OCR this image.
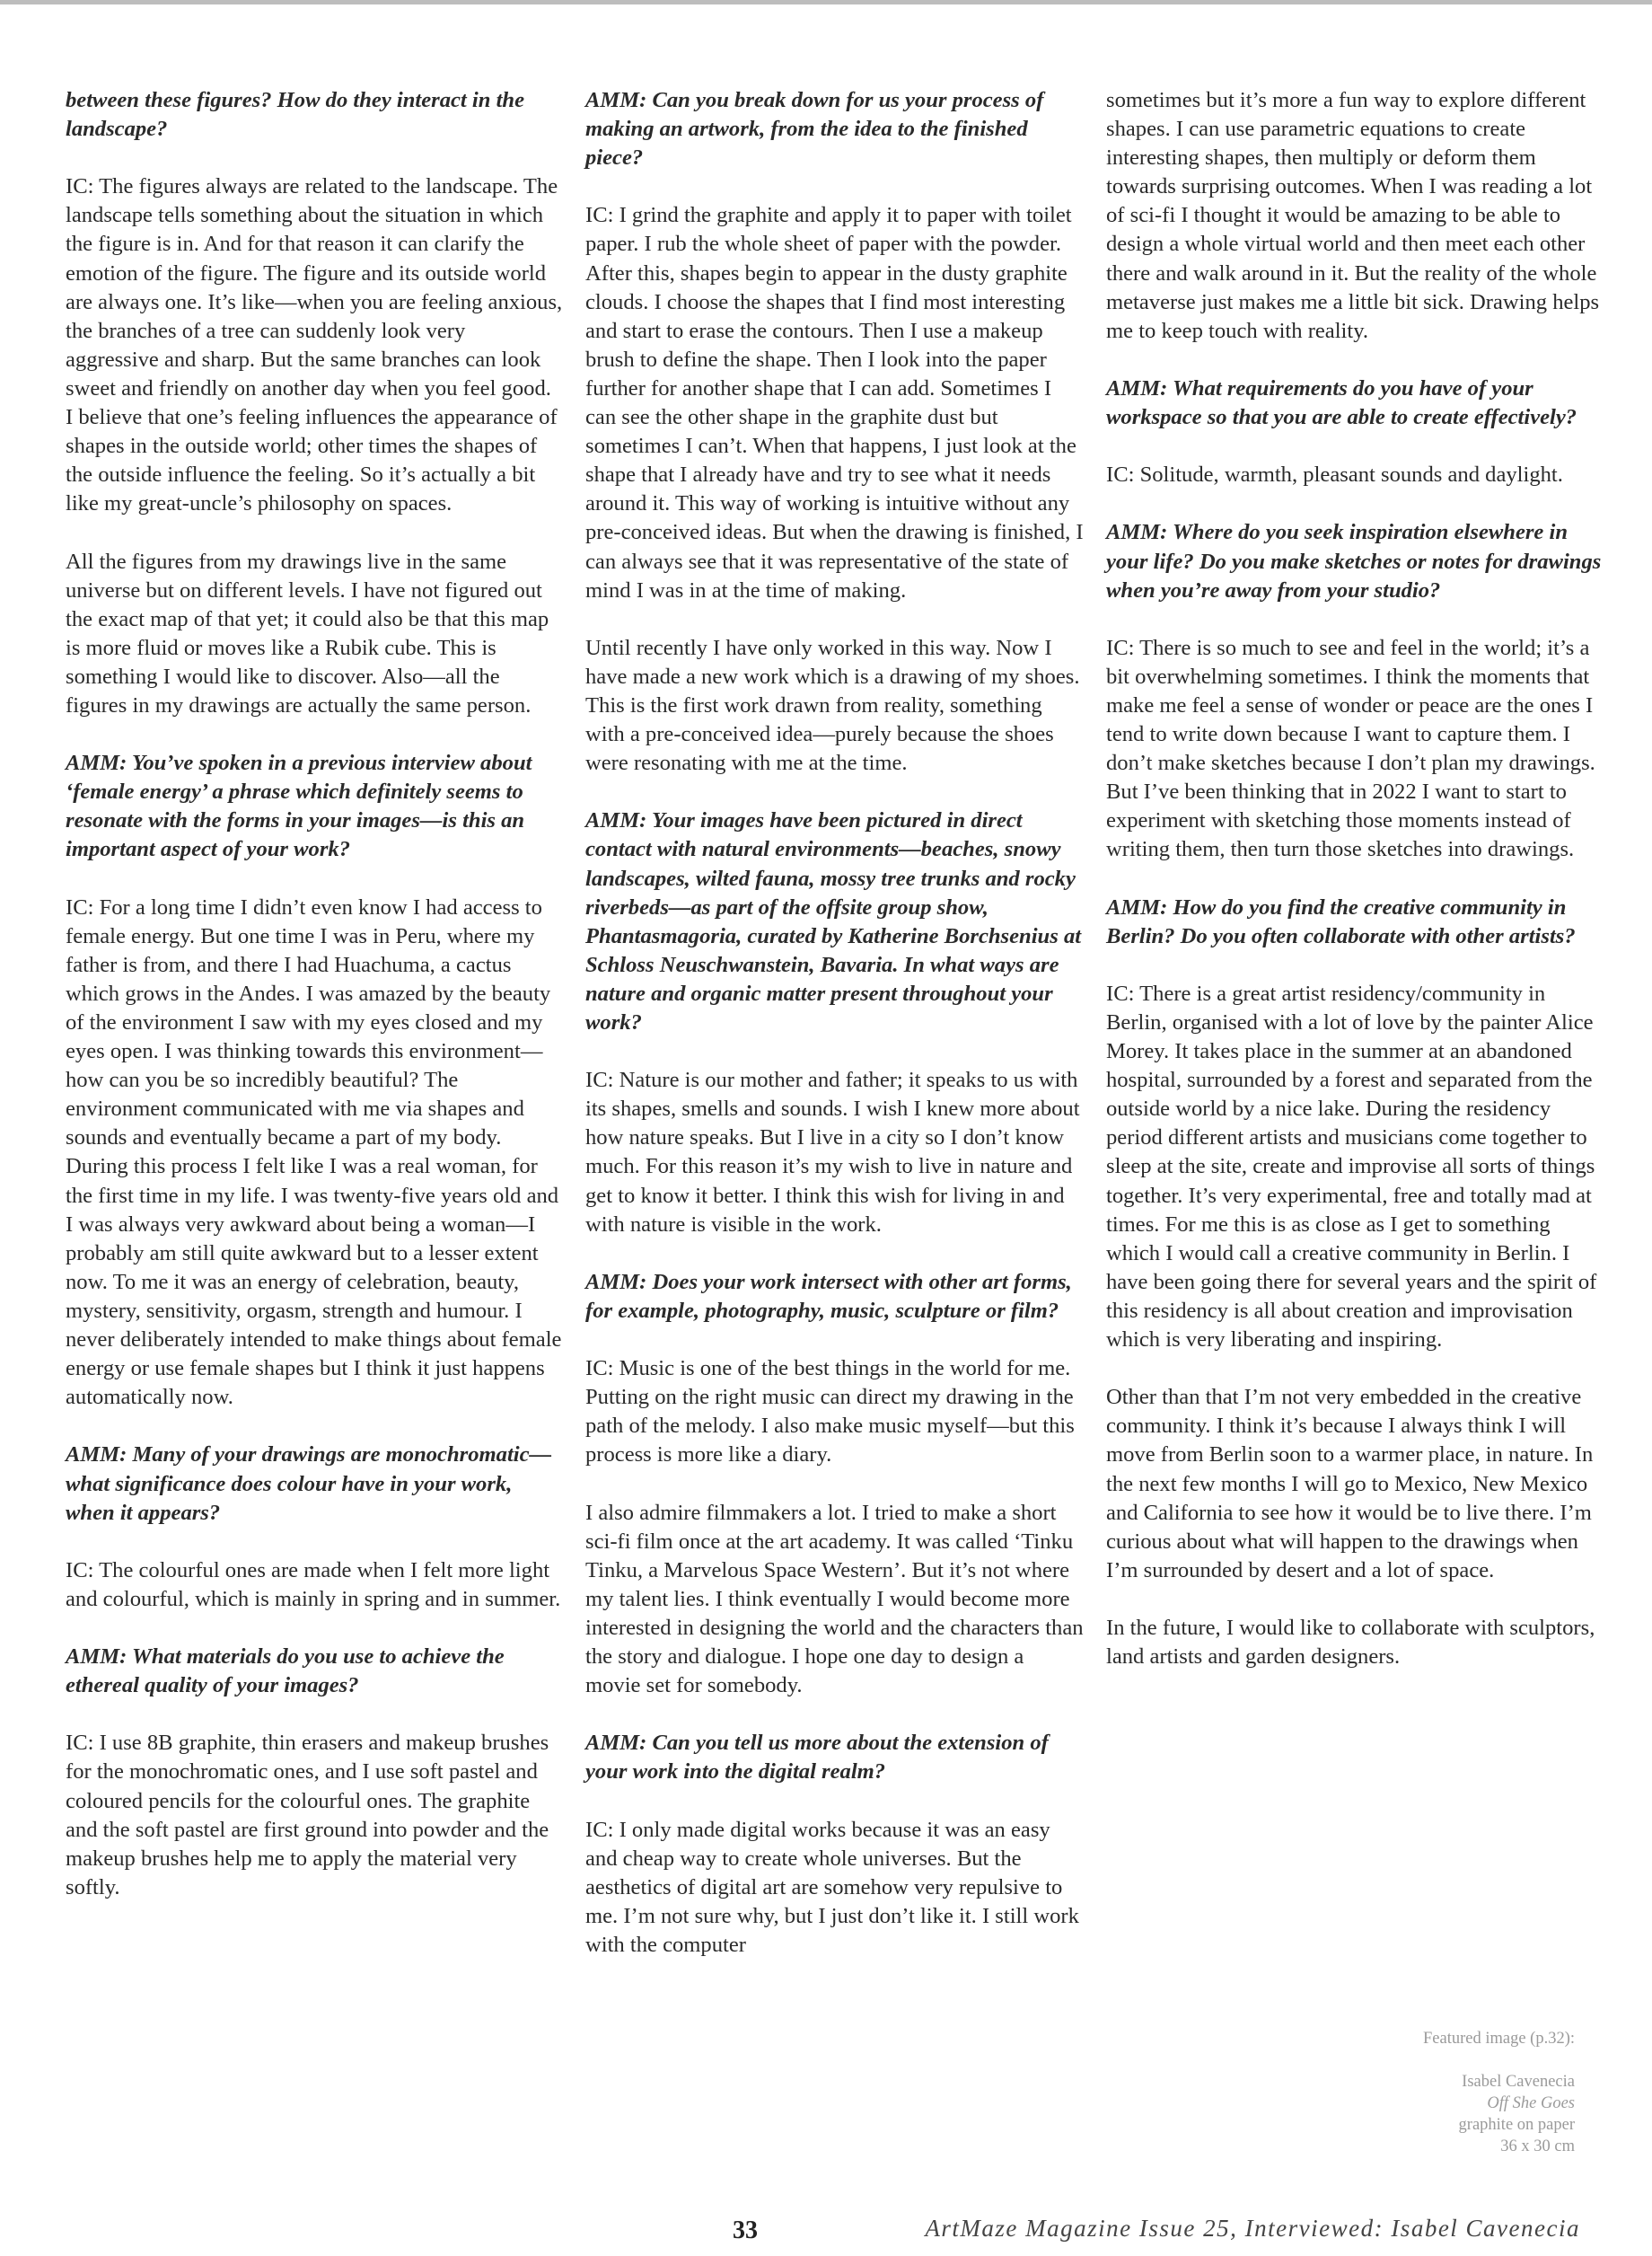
between these figures? How do they interact in the landscape?

IC: The figures always are related to the landscape. The landscape tells something about the situation in which the figure is in. And for that reason it can clarify the emotion of the figure. The figure and its outside world are always one. It’s like—when you are feeling anxious, the branches of a tree can suddenly look very aggressive and sharp. But the same branches can look sweet and friendly on another day when you feel good. I believe that one’s feeling influences the appearance of shapes in the outside world; other times the shapes of the outside influence the feeling. So it’s actually a bit like my great-uncle’s philosophy on spaces.

All the figures from my drawings live in the same universe but on different levels. I have not figured out the exact map of that yet; it could also be that this map is more fluid or moves like a Rubik cube. This is something I would like to discover. Also—all the figures in my drawings are actually the same person.

AMM: You’ve spoken in a previous interview about ‘female energy’ a phrase which definitely seems to resonate with the forms in your images—is this an important aspect of your work?

IC: For a long time I didn’t even know I had access to female energy. But one time I was in Peru, where my father is from, and there I had Huachuma, a cactus which grows in the Andes. I was amazed by the beauty of the environment I saw with my eyes closed and my eyes open. I was thinking towards this environment—how can you be so incredibly beautiful? The environment communicated with me via shapes and sounds and eventually became a part of my body. During this process I felt like I was a real woman, for the first time in my life. I was twenty-five years old and I was always very awkward about being a woman—I probably am still quite awkward but to a lesser extent now. To me it was an energy of celebration, beauty, mystery, sensitivity, orgasm, strength and humour. I never deliberately intended to make things about female energy or use female shapes but I think it just happens automatically now.

AMM: Many of your drawings are monochromatic—what significance does colour have in your work, when it appears?

IC: The colourful ones are made when I felt more light and colourful, which is mainly in spring and in summer.

AMM: What materials do you use to achieve the ethereal quality of your images?

IC: I use 8B graphite, thin erasers and makeup brushes for the monochromatic ones, and I use soft pastel and coloured pencils for the colourful ones. The graphite and the soft pastel are first ground into powder and the makeup brushes help me to apply the material very softly.

AMM: Can you break down for us your process of making an artwork, from the idea to the finished piece?

IC: I grind the graphite and apply it to paper with toilet paper. I rub the whole sheet of paper with the powder. After this, shapes begin to appear in the dusty graphite clouds. I choose the shapes that I find most interesting and start to erase the contours. Then I use a makeup brush to define the shape. Then I look into the paper further for another shape that I can add. Sometimes I can see the other shape in the graphite dust but sometimes I can’t. When that happens, I just look at the shape that I already have and try to see what it needs around it. This way of working is intuitive without any pre-conceived ideas. But when the drawing is finished, I can always see that it was representative of the state of mind I was in at the time of making.

Until recently I have only worked in this way. Now I have made a new work which is a drawing of my shoes. This is the first work drawn from reality, something with a pre-conceived idea—purely because the shoes were resonating with me at the time.

AMM: Your images have been pictured in direct contact with natural environments—beaches, snowy landscapes, wilted fauna, mossy tree trunks and rocky riverbeds—as part of the offsite group show, Phantasmagoria, curated by Katherine Borchsenius at Schloss Neuschwanstein, Bavaria. In what ways are nature and organic matter present throughout your work?

IC: Nature is our mother and father; it speaks to us with its shapes, smells and sounds. I wish I knew more about how nature speaks. But I live in a city so I don’t know much. For this reason it’s my wish to live in nature and get to know it better. I think this wish for living in and with nature is visible in the work.

AMM: Does your work intersect with other art forms, for example, photography, music, sculpture or film?

IC: Music is one of the best things in the world for me. Putting on the right music can direct my drawing in the path of the melody. I also make music myself—but this process is more like a diary.

I also admire filmmakers a lot. I tried to make a short sci-fi film once at the art academy. It was called ‘Tinku Tinku, a Marvelous Space Western’. But it’s not where my talent lies. I think eventually I would become more interested in designing the world and the characters than the story and dialogue. I hope one day to design a movie set for somebody.

AMM: Can you tell us more about the extension of your work into the digital realm?

IC: I only made digital works because it was an easy and cheap way to create whole universes. But the aesthetics of digital art are somehow very repulsive to me. I’m not sure why, but I just don’t like it. I still work with the computer

sometimes but it’s more a fun way to explore different shapes. I can use parametric equations to create interesting shapes, then multiply or deform them towards surprising outcomes. When I was reading a lot of sci-fi I thought it would be amazing to be able to design a whole virtual world and then meet each other there and walk around in it. But the reality of the whole metaverse just makes me a little bit sick. Drawing helps me to keep touch with reality.

AMM: What requirements do you have of your workspace so that you are able to create effectively?

IC: Solitude, warmth, pleasant sounds and daylight.

AMM: Where do you seek inspiration elsewhere in your life? Do you make sketches or notes for drawings when you’re away from your studio?

IC: There is so much to see and feel in the world; it’s a bit overwhelming sometimes. I think the moments that make me feel a sense of wonder or peace are the ones I tend to write down because I want to capture them. I don’t make sketches because I don’t plan my drawings. But I’ve been thinking that in 2022 I want to start to experiment with sketching those moments instead of writing them, then turn those sketches into drawings.

AMM: How do you find the creative community in Berlin? Do you often collaborate with other artists?

IC: There is a great artist residency/community in Berlin, organised with a lot of love by the painter Alice Morey. It takes place in the summer at an abandoned hospital, surrounded by a forest and separated from the outside world by a nice lake. During the residency period different artists and musicians come together to sleep at the site, create and improvise all sorts of things together. It’s very experimental, free and totally mad at times. For me this is as close as I get to something which I would call a creative community in Berlin. I have been going there for several years and the spirit of this residency is all about creation and improvisation which is very liberating and inspiring.

Other than that I’m not very embedded in the creative community. I think it’s because I always think I will move from Berlin soon to a warmer place, in nature. In the next few months I will go to Mexico, New Mexico and California to see how it would be to live there. I’m curious about what will happen to the drawings when I’m surrounded by desert and a lot of space.

In the future, I would like to collaborate with sculptors, land artists and garden designers.

Featured image (p.32):
Isabel Cavenecia
Off She Goes
graphite on paper
36 x 30 cm
33	ArtMaze Magazine Issue 25, Interviewed: Isabel Cavenecia
